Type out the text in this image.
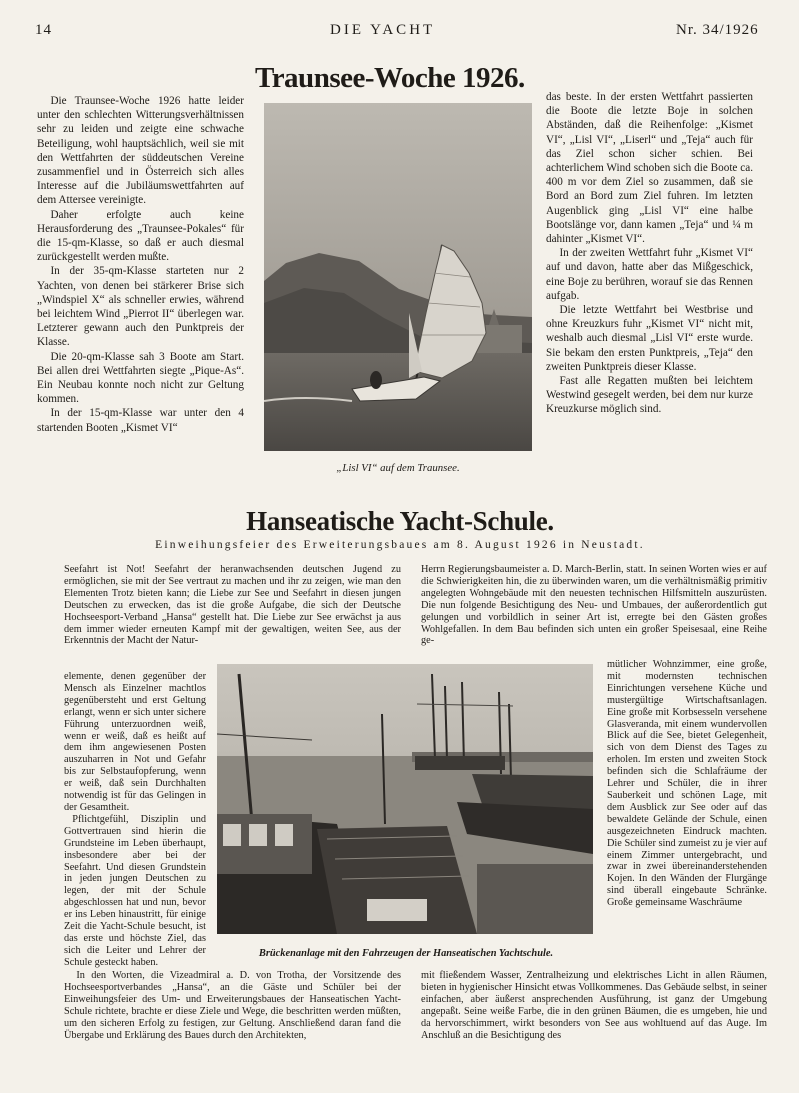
14	DIE YACHT	Nr. 34/1926
Traunsee-Woche 1926.

Die Traunsee-Woche 1926 hatte leider unter den schlechten Witterungsverhältnissen sehr zu leiden und zeigte eine schwache Beteiligung, wohl hauptsächlich, weil sie mit den Wettfahrten der süddeutschen Vereine zusammenfiel und in Österreich sich alles Interesse auf die Jubiläumswettfahrten auf dem Attersee vereinigte.

Daher erfolgte auch keine Herausforderung des „Traunsee-Pokales“ für die 15-qm-Klasse, so daß er auch diesmal zurückgestellt werden mußte.

In der 35-qm-Klasse starteten nur 2 Yachten, von denen bei stärkerer Brise sich „Windspiel X“ als schneller erwies, während bei leichtem Wind „Pierrot II“ überlegen war. Letzterer gewann auch den Punktpreis der Klasse.

Die 20-qm-Klasse sah 3 Boote am Start. Bei allen drei Wettfahrten siegte „Pique-As“. Ein Neubau konnte noch nicht zur Geltung kommen.

In der 15-qm-Klasse war unter den 4 startenden Booten „Kismet VI“

„Lisl VI“ auf dem Traunsee.

das beste. In der ersten Wettfahrt passierten die Boote die letzte Boje in solchen Abständen, daß die Reihenfolge: „Kismet VI“, „Lisl VI“, „Liserl“ und „Teja“ auch für das Ziel schon sicher schien. Bei achterlichem Wind schoben sich die Boote ca. 400 m vor dem Ziel so zusammen, daß sie Bord an Bord zum Ziel fuhren. Im letzten Augenblick ging „Lisl VI“ eine halbe Bootslänge vor, dann kamen „Teja“ und ¼ m dahinter „Kismet VI“.

In der zweiten Wettfahrt fuhr „Kismet VI“ auf und davon, hatte aber das Mißgeschick, eine Boje zu berühren, worauf sie das Rennen aufgab.

Die letzte Wettfahrt bei Westbrise und ohne Kreuzkurs fuhr „Kismet VI“ nicht mit, weshalb auch diesmal „Lisl VI“ erste wurde. Sie bekam den ersten Punktpreis, „Teja“ den zweiten Punktpreis dieser Klasse.

Fast alle Regatten mußten bei leichtem Westwind gesegelt werden, bei dem nur kurze Kreuzkurse möglich sind.

Hanseatische Yacht-Schule.
Einweihungsfeier des Erweiterungsbaues am 8. August 1926 in Neustadt.

Seefahrt ist Not! Seefahrt der heranwachsenden deutschen Jugend zu ermöglichen, sie mit der See vertraut zu machen und ihr zu zeigen, wie man den Elementen Trotz bieten kann; die Liebe zur See und Seefahrt in diesen jungen Deutschen zu erwecken, das ist die große Aufgabe, die sich der Deutsche Hochseesport-Verband „Hansa“ gestellt hat. Die Liebe zur See erwächst ja aus dem immer wieder erneuten Kampf mit der gewaltigen, weiten See, aus der Erkenntnis der Macht der Natur-

Herrn Regierungsbaumeister a. D. March-Berlin, statt. In seinen Worten wies er auf die Schwierigkeiten hin, die zu überwinden waren, um die verhältnismäßig primitiv angelegten Wohngebäude mit den neuesten technischen Hilfsmitteln auszurüsten. Die nun folgende Besichtigung des Neu- und Umbaues, der außerordentlich gut gelungen und vorbildlich in seiner Art ist, erregte bei den Gästen großes Wohlgefallen. In dem Bau befinden sich unten ein großer Speisesaal, eine Reihe ge-

elemente, denen gegenüber der Mensch als Einzelner machtlos gegenübersteht und erst Geltung erlangt, wenn er sich unter sichere Führung unterzuordnen weiß, wenn er weiß, daß es heißt auf dem ihm angewiesenen Posten auszuharren in Not und Gefahr bis zur Selbstaufopferung, wenn er weiß, daß sein Durchhalten notwendig ist für das Gelingen in der Gesamtheit.

Pflichtgefühl, Disziplin und Gottvertrauen sind hierin die Grundsteine im Leben überhaupt, insbesondere aber bei der Seefahrt. Und diesen Grundstein in jeden jungen Deutschen zu legen, der mit der Schule abgeschlossen hat und nun, bevor er ins Leben hinaustritt, für einige Zeit die Yacht-Schule besucht, ist das erste und höchste Ziel, das sich die Leiter und Lehrer der Schule gesteckt haben.

Brückenanlage mit den Fahrzeugen der Hanseatischen Yachtschule.

mütlicher Wohnzimmer, eine große, mit modernsten technischen Einrichtungen versehene Küche und mustergültige Wirtschaftsanlagen. Eine große mit Korbsesseln versehene Glasveranda, mit einem wundervollen Blick auf die See, bietet Gelegenheit, sich von dem Dienst des Tages zu erholen. Im ersten und zweiten Stock befinden sich die Schlafräume der Lehrer und Schüler, die in ihrer Sauberkeit und schönen Lage, mit dem Ausblick zur See oder auf das bewaldete Gelände der Schule, einen ausgezeichneten Eindruck machten. Die Schüler sind zumeist zu je vier auf einem Zimmer untergebracht, und zwar in zwei übereinanderstehenden Kojen. In den Wänden der Flurgänge sind überall eingebaute Schränke. Große gemeinsame Waschräume

In den Worten, die Vizeadmiral a. D. von Trotha, der Vorsitzende des Hochseesportverbandes „Hansa“, an die Gäste und Schüler bei der Einweihungsfeier des Um- und Erweiterungsbaues der Hanseatischen Yacht-Schule richtete, brachte er diese Ziele und Wege, die beschritten werden müßten, um den sicheren Erfolg zu festigen, zur Geltung. Anschließend daran fand die Übergabe und Erklärung des Baues durch den Architekten,

mit fließendem Wasser, Zentralheizung und elektrisches Licht in allen Räumen, bieten in hygienischer Hinsicht etwas Vollkommenes. Das Gebäude selbst, in seiner einfachen, aber äußerst ansprechenden Ausführung, ist ganz der Umgebung angepaßt. Seine weiße Farbe, die in den grünen Bäumen, die es umgeben, hie und da hervorschimmert, wirkt besonders von See aus wohltuend auf das Auge. Im Anschluß an die Besichtigung des
